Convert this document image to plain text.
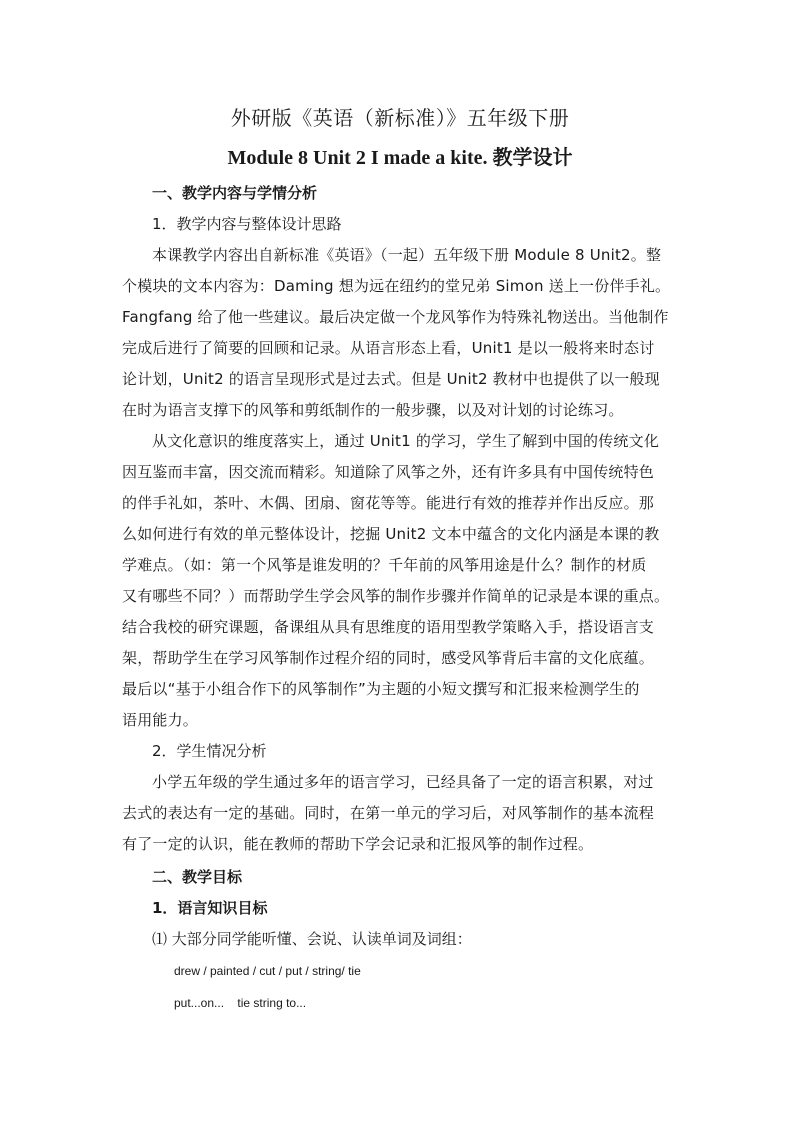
外研版《英语（新标准）》五年级下册
Module 8 Unit 2 I made a kite. 教学设计

一、教学内容与学情分析

1．教学内容与整体设计思路

本课教学内容出自新标准《英语》（一起）五年级下册 Module 8 Unit2。整
个模块的文本内容为：Daming 想为远在纽约的堂兄弟 Simon 送上一份伴手礼。
Fangfang 给了他一些建议。最后决定做一个龙风筝作为特殊礼物送出。当他制作
完成后进行了简要的回顾和记录。从语言形态上看，Unit1 是以一般将来时态讨
论计划，Unit2 的语言呈现形式是过去式。但是 Unit2 教材中也提供了以一般现
在时为语言支撑下的风筝和剪纸制作的一般步骤，以及对计划的讨论练习。

从文化意识的维度落实上，通过 Unit1 的学习，学生了解到中国的传统文化
因互鉴而丰富，因交流而精彩。知道除了风筝之外，还有许多具有中国传统特色
的伴手礼如，茶叶、木偶、团扇、窗花等等。能进行有效的推荐并作出反应。那
么如何进行有效的单元整体设计，挖掘 Unit2 文本中蕴含的文化内涵是本课的教
学难点。（如：第一个风筝是谁发明的？千年前的风筝用途是什么？制作的材质
又有哪些不同？）而帮助学生学会风筝的制作步骤并作简单的记录是本课的重点。
结合我校的研究课题，备课组从具有思维度的语用型教学策略入手，搭设语言支
架，帮助学生在学习风筝制作过程介绍的同时，感受风筝背后丰富的文化底蕴。
最后以“基于小组合作下的风筝制作”为主题的小短文撰写和汇报来检测学生的
语用能力。

2．学生情况分析

小学五年级的学生通过多年的语言学习，已经具备了一定的语言积累，对过
去式的表达有一定的基础。同时，在第一单元的学习后，对风筝制作的基本流程
有了一定的认识，能在教师的帮助下学会记录和汇报风筝的制作过程。

二、教学目标

1．语言知识目标

⑴ 大部分同学能听懂、会说、认读单词及词组：

drew / painted / cut / put / string/ tie

put...on... tie string to...
